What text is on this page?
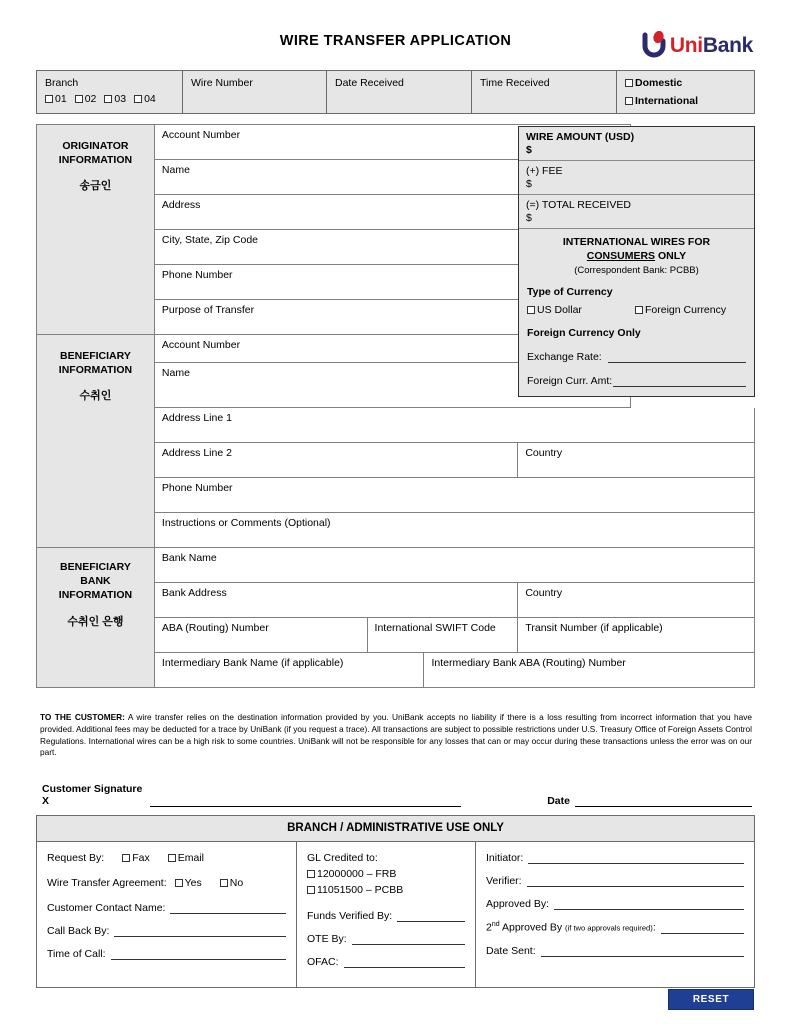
WIRE TRANSFER APPLICATION	UniBank
Branch
01	02	03	04
Wire Number	Date Received	Time Received	Domestic
International
ORIGINATOR
INFORMATION
송금인	Account Number				
	Name				
	Address				
	City, State, Zip Code				
	Phone Number				
	Purpose of Transfer				
BENEFICIARY
INFORMATION
수취인	Account Number				
	Name				
	Address Line 1				
	Address Line 2			Country	
	Phone Number				
	Instructions or Comments (Optional)				
BENEFICIARY
BANK
INFORMATION
수취인 은행	Bank Name				
	Bank Address			Country	
	ABA (Routing) Number	International SWIFT Code		Transit Number (if applicable)	
	Intermediary Bank Name (if applicable)		Intermediary Bank ABA (Routing) Number		
WIRE AMOUNT (USD)
$
(+) FEE
$
(=) TOTAL RECEIVED
$
INTERNATIONAL WIRES FOR
CONSUMERS ONLY
(Correspondent Bank: PCBB)
Type of Currency
US Dollar	Foreign Currency
Foreign Currency Only
Exchange Rate:
Foreign Curr. Amt:
TO THE CUSTOMER: A wire transfer relies on the destination information provided by you. UniBank accepts no liability if there is a loss resulting from incorrect information that you have provided. Additional fees may be deducted for a trace by UniBank (if you request a trace). All transactions are subject to possible restrictions under U.S. Treasury Office of Foreign Assets Control Regulations. International wires can be a high risk to some countries. UniBank will not be responsible for any losses that can or may occur during these transactions unless the error was on our part.
Customer Signature X	Date
BRANCH / ADMINISTRATIVE USE ONLY
Request By:	Fax	Email
Wire Transfer Agreement:	Yes	No
Customer Contact Name:
Call Back By:
Time of Call:
GL Credited to:
12000000 – FRB
11051500 – PCBB
Funds Verified By:
OTE By:
OFAC:
Initiator:
Verifier:
Approved By:
2nd Approved By (if two approvals required):
Date Sent:
RESET
